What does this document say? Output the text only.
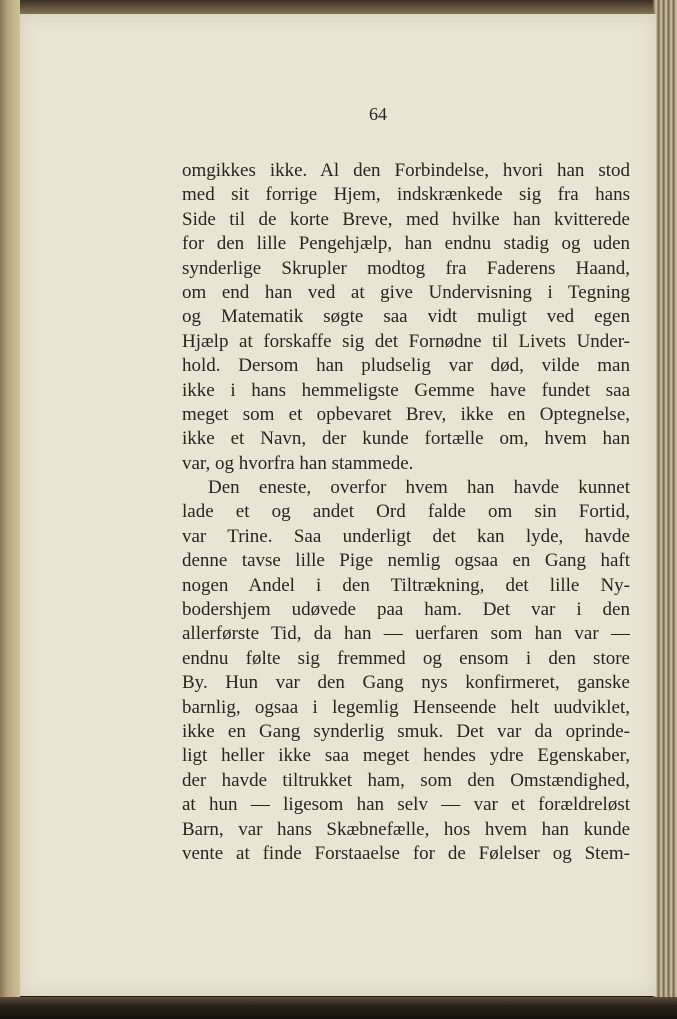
64

omgikkes ikke. Al den Forbindelse, hvori han stod
med sit forrige Hjem, indskrænkede sig fra hans
Side til de korte Breve, med hvilke han kvitterede
for den lille Pengehjælp, han endnu stadig og uden
synderlige Skrupler modtog fra Faderens Haand,
om end han ved at give Undervisning i Tegning
og Matematik søgte saa vidt muligt ved egen
Hjælp at forskaffe sig det Fornødne til Livets Under-
hold. Dersom han pludselig var død, vilde man
ikke i hans hemmeligste Gemme have fundet saa
meget som et opbevaret Brev, ikke en Optegnelse,
ikke et Navn, der kunde fortælle om, hvem han
var, og hvorfra han stammede.
Den eneste, overfor hvem han havde kunnet
lade et og andet Ord falde om sin Fortid,
var Trine. Saa underligt det kan lyde, havde
denne tavse lille Pige nemlig ogsaa en Gang haft
nogen Andel i den Tiltrækning, det lille Ny-
bodershjem udøvede paa ham. Det var i den
allerførste Tid, da han — uerfaren som han var —
endnu følte sig fremmed og ensom i den store
By. Hun var den Gang nys konfirmeret, ganske
barnlig, ogsaa i legemlig Henseende helt uudviklet,
ikke en Gang synderlig smuk. Det var da oprinde-
ligt heller ikke saa meget hendes ydre Egenskaber,
der havde tiltrukket ham, som den Omstændighed,
at hun — ligesom han selv — var et forældreløst
Barn, var hans Skæbnefælle, hos hvem han kunde
vente at finde Forstaaelse for de Følelser og Stem-
